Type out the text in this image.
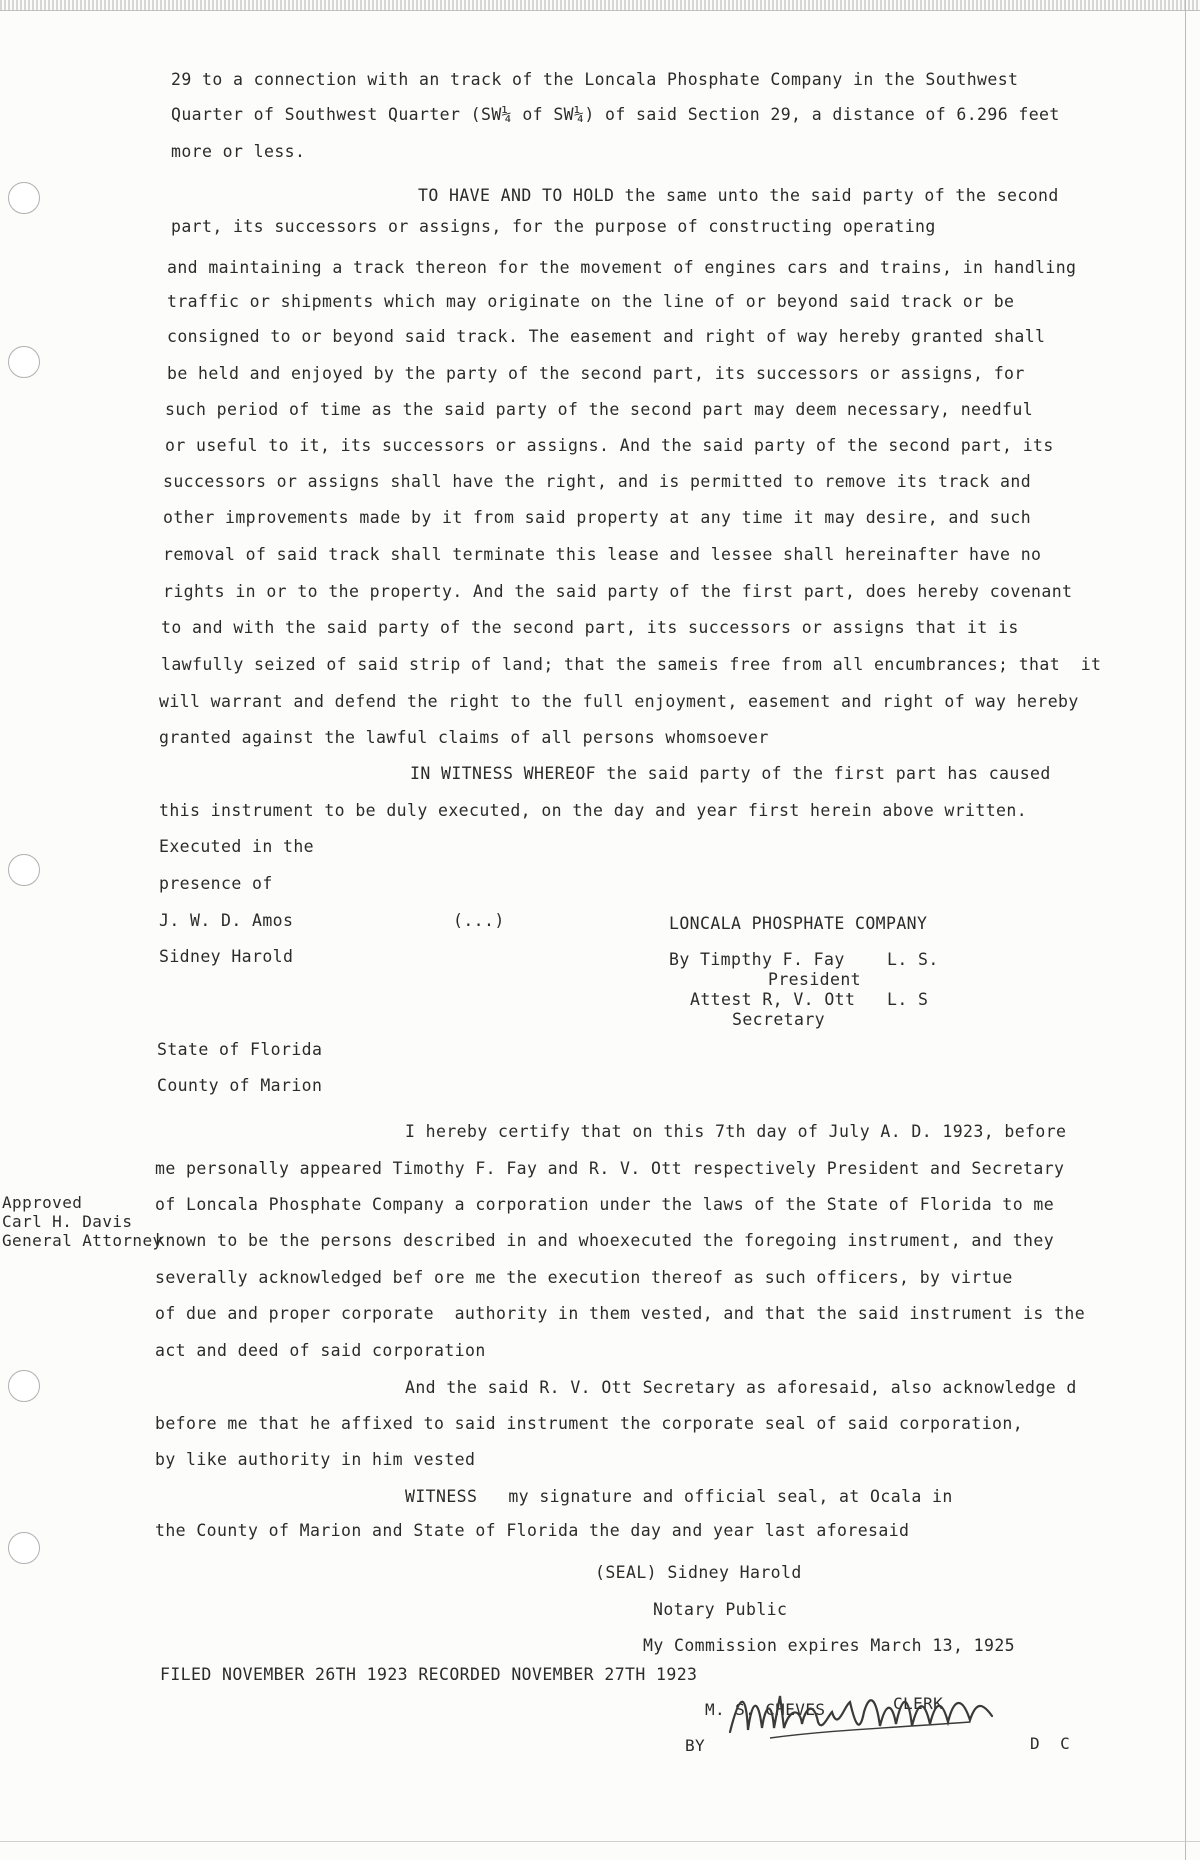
29 to a connection with an track of the Loncala Phosphate Company in the Southwest
Quarter of Southwest Quarter (SW¼ of SW¼) of said Section 29, a distance of 6.296 feet
more or less.
TO HAVE AND TO HOLD the same unto the said party of the second
part, its successors or assigns, for the purpose of constructing operating
and maintaining a track thereon for the movement of engines cars and trains, in handling
traffic or shipments which may originate on the line of or beyond said track or be
consigned to or beyond said track. The easement and right of way hereby granted shall
be held and enjoyed by the party of the second part, its successors or assigns, for
such period of time as the said party of the second part may deem necessary, needful
or useful to it, its successors or assigns. And the said party of the second part, its
successors or assigns shall have the right, and is permitted to remove its track and
other improvements made by it from said property at any time it may desire, and such
removal of said track shall terminate this lease and lessee shall hereinafter have no
rights in or to the property. And the said party of the first part, does hereby covenant
to and with the said party of the second part, its successors or assigns that it is
lawfully seized of said strip of land; that the sameis free from all encumbrances; that  it
will warrant and defend the right to the full enjoyment, easement and right of way hereby
granted against the lawful claims of all persons whomsoever
IN WITNESS WHEREOF the said party of the first part has caused
this instrument to be duly executed, on the day and year first herein above written.
Executed in the
presence of
J. W. D. Amos
Sidney Harold
(...)	LONCALA PHOSPHATE COMPANY
By Timpthy F. Fay	L. S.
President
Attest R, V. Ott L. S
Secretary
State of Florida
County of Marion
I hereby certify that on this 7th day of July A. D. 1923, before
me personally appeared Timothy F. Fay and R. V. Ott respectively President and Secretary
of Loncala Phosphate Company a corporation under the laws of the State of Florida to me
known to be the persons described in and whoexecuted the foregoing instrument, and they
severally acknowledged bef ore me the execution thereof as such officers, by virtue
of due and proper corporate  authority in them vested, and that the said instrument is the
act and deed of said corporation
And the said R. V. Ott Secretary as aforesaid, also acknowledge d
before me that he affixed to said instrument the corporate seal of said corporation,
by like authority in him vested
WITNESS   my signature and official seal, at Ocala in
the County of Marion and State of Florida the day and year last aforesaid
Approved
Carl H. Davis
General Attorney
(SEAL) Sidney Harold
Notary Public
My Commission expires March 13, 1925
FILED NOVEMBER 26TH 1923 RECORDED NOVEMBER 27TH 1923
M. S. CHEVES	CLERK
BY	D  C
